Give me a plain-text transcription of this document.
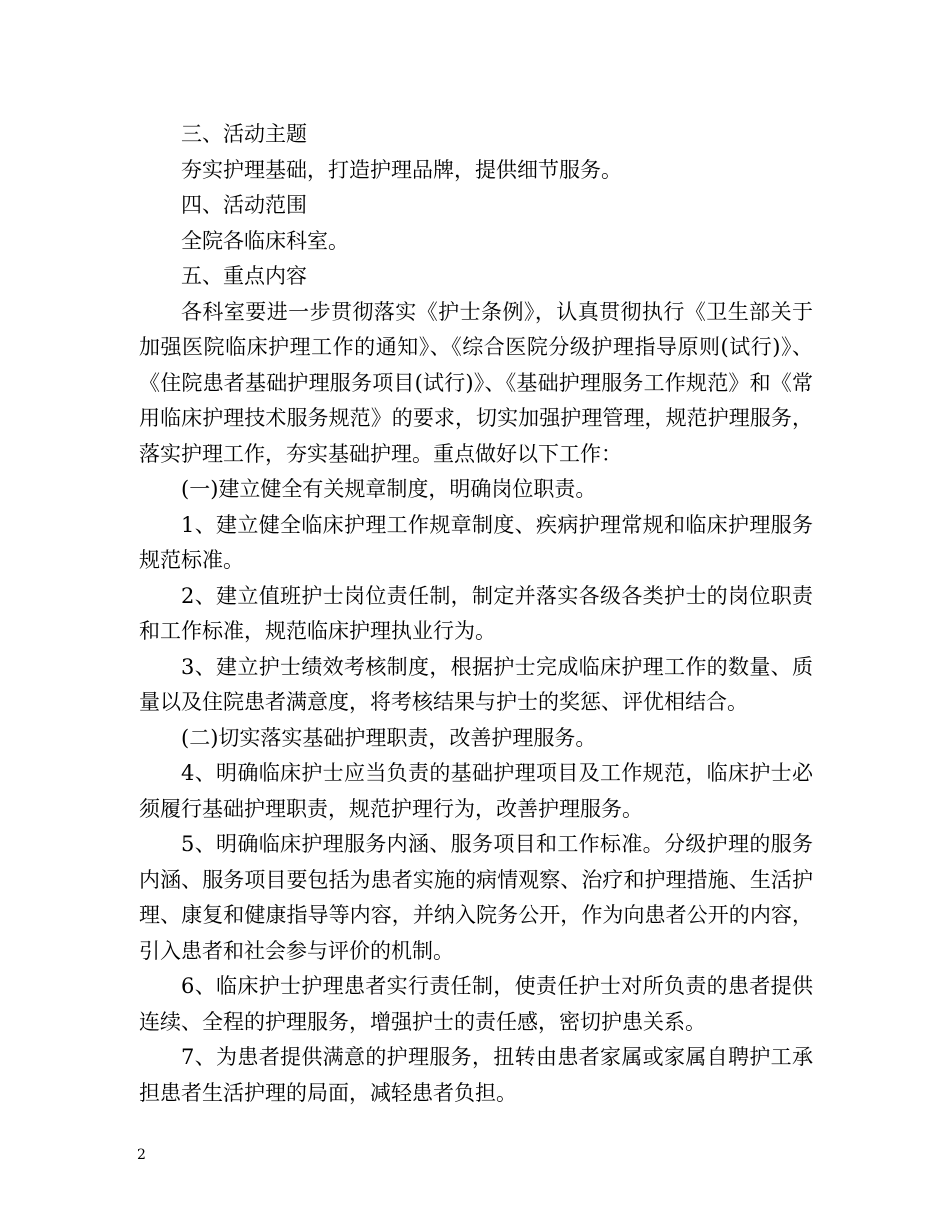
三、活动主题

夯实护理基础，打造护理品牌，提供细节服务。

四、活动范围

全院各临床科室。

五、重点内容

各科室要进一步贯彻落实《护士条例》，认真贯彻执行《卫生部关于加强医院临床护理工作的通知》、《综合医院分级护理指导原则(试行)》、《住院患者基础护理服务项目(试行)》、《基础护理服务工作规范》和《常用临床护理技术服务规范》的要求，切实加强护理管理，规范护理服务，落实护理工作，夯实基础护理。重点做好以下工作：

(一)建立健全有关规章制度，明确岗位职责。

1、建立健全临床护理工作规章制度、疾病护理常规和临床护理服务规范标准。

2、建立值班护士岗位责任制，制定并落实各级各类护士的岗位职责和工作标准，规范临床护理执业行为。

3、建立护士绩效考核制度，根据护士完成临床护理工作的数量、质量以及住院患者满意度，将考核结果与护士的奖惩、评优相结合。

(二)切实落实基础护理职责，改善护理服务。

4、明确临床护士应当负责的基础护理项目及工作规范，临床护士必须履行基础护理职责，规范护理行为，改善护理服务。

5、明确临床护理服务内涵、服务项目和工作标准。分级护理的服务内涵、服务项目要包括为患者实施的病情观察、治疗和护理措施、生活护理、康复和健康指导等内容，并纳入院务公开，作为向患者公开的内容，引入患者和社会参与评价的机制。

6、临床护士护理患者实行责任制，使责任护士对所负责的患者提供连续、全程的护理服务，增强护士的责任感，密切护患关系。

7、为患者提供满意的护理服务，扭转由患者家属或家属自聘护工承担患者生活护理的局面，减轻患者负担。

2
